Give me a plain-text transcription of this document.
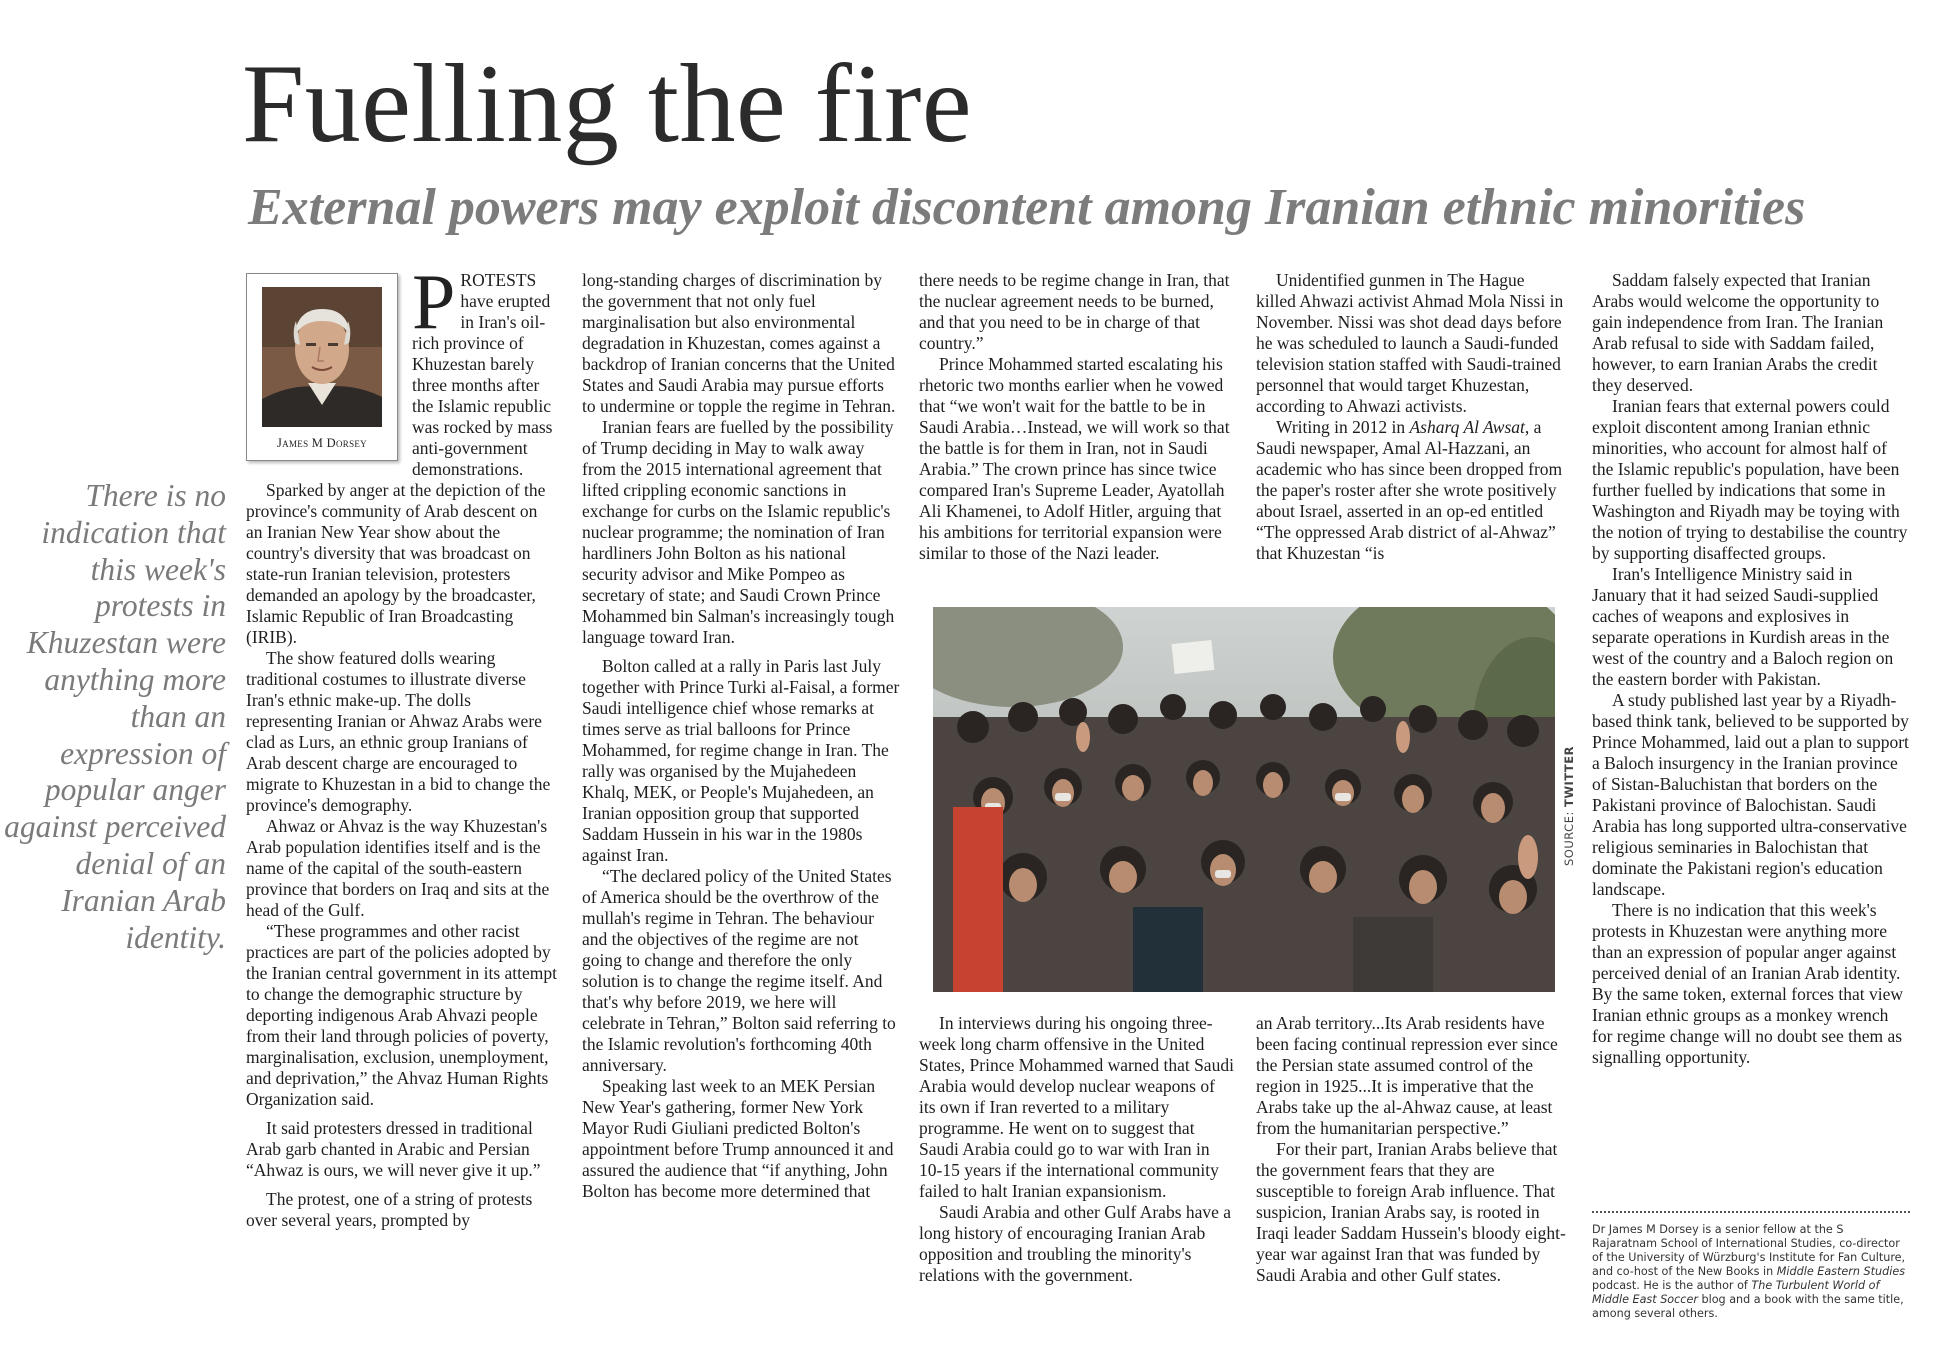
Fuelling the fire
External powers may exploit discontent among Iranian ethnic minorities

There is no indication that this week's protests in Khuzestan were anything more than an expression of popular anger against perceived denial of an Iranian Arab identity.

James M Dorsey

PROTESTS have erupted in Iran's oil-rich province of Khuzestan barely three months after the Islamic republic was rocked by mass anti-government demonstrations.

Sparked by anger at the depiction of the province's community of Arab descent on an Iranian New Year show about the country's diversity that was broadcast on state-run Iranian television, protesters demanded an apology by the broadcaster, Islamic Republic of Iran Broadcasting (IRIB).

The show featured dolls wearing traditional costumes to illustrate diverse Iran's ethnic make-up. The dolls representing Iranian or Ahwaz Arabs were clad as Lurs, an ethnic group Iranians of Arab descent charge are encouraged to migrate to Khuzestan in a bid to change the province's demography.

Ahwaz or Ahvaz is the way Khuzestan's Arab population identifies itself and is the name of the capital of the south-eastern province that borders on Iraq and sits at the head of the Gulf.

“These programmes and other racist practices are part of the policies adopted by the Iranian central government in its attempt to change the demographic structure by deporting indigenous Arab Ahvazi people from their land through policies of poverty, marginalisation, exclusion, unemployment, and deprivation,” the Ahvaz Human Rights Organization said.

It said protesters dressed in traditional Arab garb chanted in Arabic and Persian “Ahwaz is ours, we will never give it up.”

The protest, one of a string of protests over several years, prompted by

long-standing charges of discrimination by the government that not only fuel marginalisation but also environmental degradation in Khuzestan, comes against a backdrop of Iranian concerns that the United States and Saudi Arabia may pursue efforts to undermine or topple the regime in Tehran.

Iranian fears are fuelled by the possibility of Trump deciding in May to walk away from the 2015 international agreement that lifted crippling economic sanctions in exchange for curbs on the Islamic republic's nuclear programme; the nomination of Iran hardliners John Bolton as his national security advisor and Mike Pompeo as secretary of state; and Saudi Crown Prince Mohammed bin Salman's increasingly tough language toward Iran.

Bolton called at a rally in Paris last July together with Prince Turki al-Faisal, a former Saudi intelligence chief whose remarks at times serve as trial balloons for Prince Mohammed, for regime change in Iran. The rally was organised by the Mujahedeen Khalq, MEK, or People's Mujahedeen, an Iranian opposition group that supported Saddam Hussein in his war in the 1980s against Iran.

“The declared policy of the United States of America should be the overthrow of the mullah's regime in Tehran. The behaviour and the objectives of the regime are not going to change and therefore the only solution is to change the regime itself. And that's why before 2019, we here will celebrate in Tehran,” Bolton said referring to the Islamic revolution's forthcoming 40th anniversary.

Speaking last week to an MEK Persian New Year's gathering, former New York Mayor Rudi Giuliani predicted Bolton's appointment before Trump announced it and assured the audience that “if anything, John Bolton has become more determined that

there needs to be regime change in Iran, that the nuclear agreement needs to be burned, and that you need to be in charge of that country.”

Prince Mohammed started escalating his rhetoric two months earlier when he vowed that “we won't wait for the battle to be in Saudi Arabia…Instead, we will work so that the battle is for them in Iran, not in Saudi Arabia.” The crown prince has since twice compared Iran's Supreme Leader, Ayatollah Ali Khamenei, to Adolf Hitler, arguing that his ambitions for territorial expansion were similar to those of the Nazi leader.

Unidentified gunmen in The Hague killed Ahwazi activist Ahmad Mola Nissi in November. Nissi was shot dead days before he was scheduled to launch a Saudi-funded television station staffed with Saudi-trained personnel that would target Khuzestan, according to Ahwazi activists.

Writing in 2012 in Asharq Al Awsat, a Saudi newspaper, Amal Al-Hazzani, an academic who has since been dropped from the paper's roster after she wrote positively about Israel, asserted in an op-ed entitled “The oppressed Arab district of al-Ahwaz” that Khuzestan “is

SOURCE: TWITTER

In interviews during his ongoing three-week long charm offensive in the United States, Prince Mohammed warned that Saudi Arabia would develop nuclear weapons of its own if Iran reverted to a military programme. He went on to suggest that Saudi Arabia could go to war with Iran in 10-15 years if the international community failed to halt Iranian expansionism.

Saudi Arabia and other Gulf Arabs have a long history of encouraging Iranian Arab opposition and troubling the minority's relations with the government.

an Arab territory...Its Arab residents have been facing continual repression ever since the Persian state assumed control of the region in 1925...It is imperative that the Arabs take up the al-Ahwaz cause, at least from the humanitarian perspective.”

For their part, Iranian Arabs believe that the government fears that they are susceptible to foreign Arab influence. That suspicion, Iranian Arabs say, is rooted in Iraqi leader Saddam Hussein's bloody eight-year war against Iran that was funded by Saudi Arabia and other Gulf states.

Saddam falsely expected that Iranian Arabs would welcome the opportunity to gain independence from Iran. The Iranian Arab refusal to side with Saddam failed, however, to earn Iranian Arabs the credit they deserved.

Iranian fears that external powers could exploit discontent among Iranian ethnic minorities, who account for almost half of the Islamic republic's population, have been further fuelled by indications that some in Washington and Riyadh may be toying with the notion of trying to destabilise the country by supporting disaffected groups.

Iran's Intelligence Ministry said in January that it had seized Saudi-supplied caches of weapons and explosives in separate operations in Kurdish areas in the west of the country and a Baloch region on the eastern border with Pakistan.

A study published last year by a Riyadh-based think tank, believed to be supported by Prince Mohammed, laid out a plan to support a Baloch insurgency in the Iranian province of Sistan-Baluchistan that borders on the Pakistani province of Balochistan. Saudi Arabia has long supported ultra-conservative religious seminaries in Balochistan that dominate the Pakistani region's education landscape.

There is no indication that this week's protests in Khuzestan were anything more than an expression of popular anger against perceived denial of an Iranian Arab identity. By the same token, external forces that view Iranian ethnic groups as a monkey wrench for regime change will no doubt see them as signalling opportunity.

Dr James M Dorsey is a senior fellow at the S Rajaratnam School of International Studies, co-director of the University of Würzburg's Institute for Fan Culture, and co-host of the New Books in Middle Eastern Studies podcast. He is the author of The Turbulent World of Middle East Soccer blog and a book with the same title, among several others.
